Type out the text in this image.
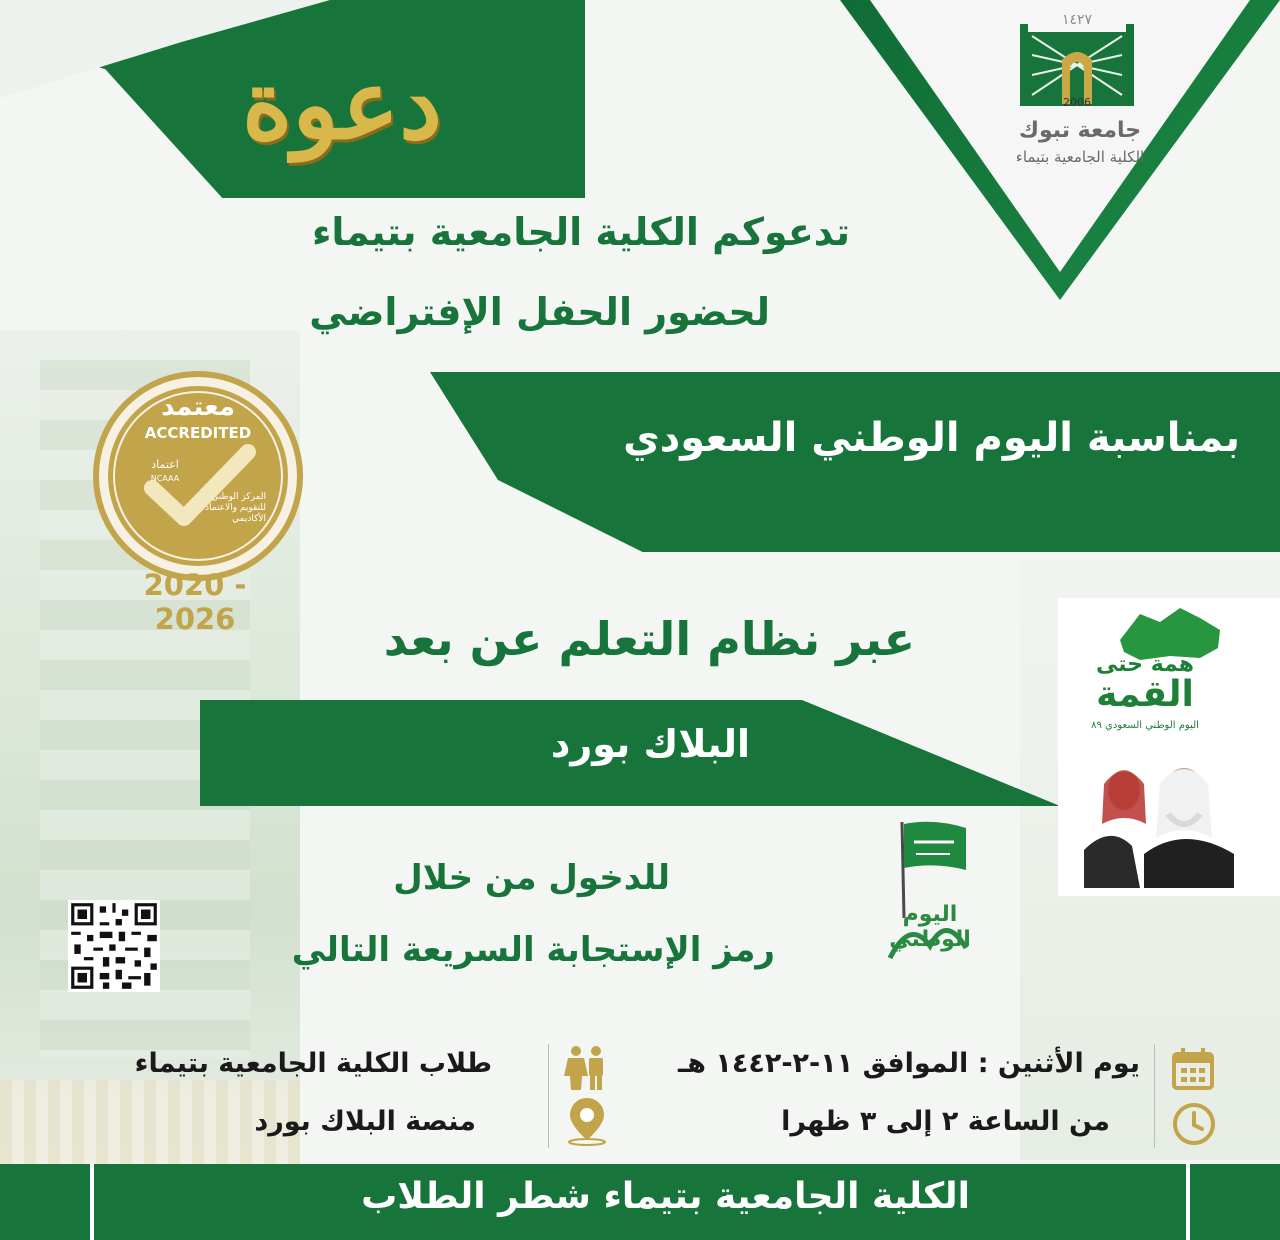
دعوة
١٤٢٧
2006
جامعة تبوك
الكلية الجامعية بتيماء
تدعوكم الكلية الجامعية بتيماء
لحضور الحفل الإفتراضي
بمناسبة اليوم الوطني السعودي
معتمد
ACCREDITED
اعتماد
NCAAA
المركز الوطني
للتقويم والاعتماد
الأكاديمي
2020 - 2026	عبر نظام التعلم عن بعد
البلاك بورد
همة حتى
القمة
اليوم الوطني السعودي ٨٩
اليوم الوطني
للدخول من خلال
رمز الإستجابة السريعة التالي
يوم الأثنين : الموافق ١١-٢-١٤٤٢ هـ
من الساعة ٢ إلى ٣ ظهرا
طلاب الكلية الجامعية بتيماء
منصة البلاك بورد
الكلية الجامعية بتيماء شطر الطلاب
